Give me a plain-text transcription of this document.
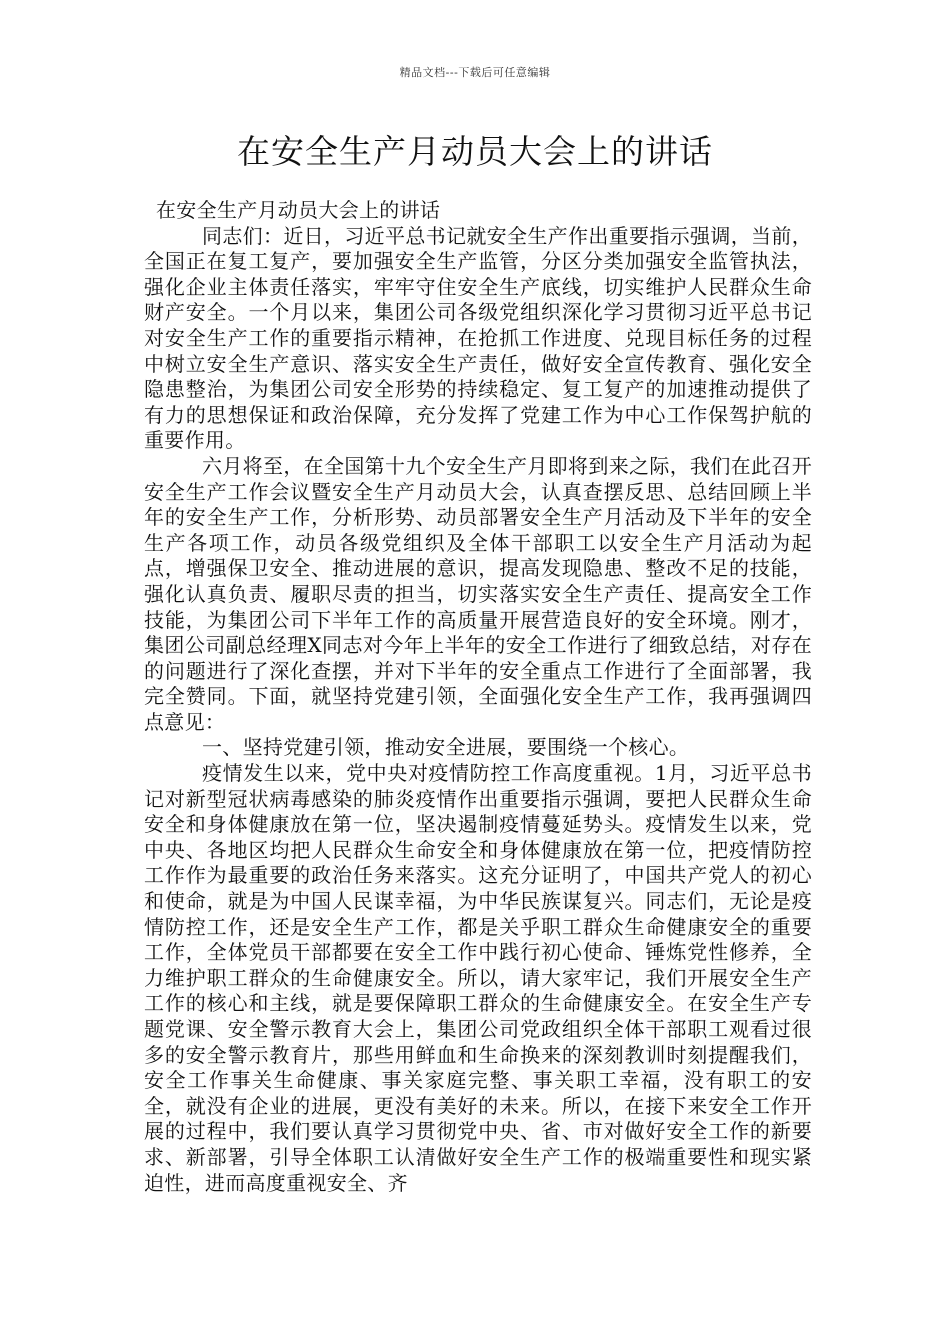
精品文档---下载后可任意编辑
在安全生产月动员大会上的讲话

在安全生产月动员大会上的讲话

同志们：近日，习近平总书记就安全生产作出重要指示强调，当前，全国正在复工复产，要加强安全生产监管，分区分类加强安全监管执法，强化企业主体责任落实，牢牢守住安全生产底线，切实维护人民群众生命财产安全。一个月以来，集团公司各级党组织深化学习贯彻习近平总书记对安全生产工作的重要指示精神，在抢抓工作进度、兑现目标任务的过程中树立安全生产意识、落实安全生产责任，做好安全宣传教育、强化安全隐患整治，为集团公司安全形势的持续稳定、复工复产的加速推动提供了有力的思想保证和政治保障，充分发挥了党建工作为中心工作保驾护航的重要作用。

六月将至，在全国第十九个安全生产月即将到来之际，我们在此召开安全生产工作会议暨安全生产月动员大会，认真查摆反思、总结回顾上半年的安全生产工作，分析形势、动员部署安全生产月活动及下半年的安全生产各项工作，动员各级党组织及全体干部职工以安全生产月活动为起点，增强保卫安全、推动进展的意识，提高发现隐患、整改不足的技能，强化认真负责、履职尽责的担当，切实落实安全生产责任、提高安全工作技能，为集团公司下半年工作的高质量开展营造良好的安全环境。刚才，集团公司副总经理X同志对今年上半年的安全工作进行了细致总结，对存在的问题进行了深化查摆，并对下半年的安全重点工作进行了全面部署，我完全赞同。下面，就坚持党建引领，全面强化安全生产工作，我再强调四点意见：

一、坚持党建引领，推动安全进展，要围绕一个核心。

疫情发生以来，党中央对疫情防控工作高度重视。1月，习近平总书记对新型冠状病毒感染的肺炎疫情作出重要指示强调，要把人民群众生命安全和身体健康放在第一位，坚决遏制疫情蔓延势头。疫情发生以来，党中央、各地区均把人民群众生命安全和身体健康放在第一位，把疫情防控工作作为最重要的政治任务来落实。这充分证明了，中国共产党人的初心和使命，就是为中国人民谋幸福，为中华民族谋复兴。同志们，无论是疫情防控工作，还是安全生产工作，都是关乎职工群众生命健康安全的重要工作，全体党员干部都要在安全工作中践行初心使命、锤炼党性修养，全力维护职工群众的生命健康安全。所以，请大家牢记，我们开展安全生产工作的核心和主线，就是要保障职工群众的生命健康安全。在安全生产专题党课、安全警示教育大会上，集团公司党政组织全体干部职工观看过很多的安全警示教育片，那些用鲜血和生命换来的深刻教训时刻提醒我们，安全工作事关生命健康、事关家庭完整、事关职工幸福，没有职工的安全，就没有企业的进展，更没有美好的未来。所以，在接下来安全工作开展的过程中，我们要认真学习贯彻党中央、省、市对做好安全工作的新要求、新部署，引导全体职工认清做好安全生产工作的极端重要性和现实紧迫性，进而高度重视安全、齐
